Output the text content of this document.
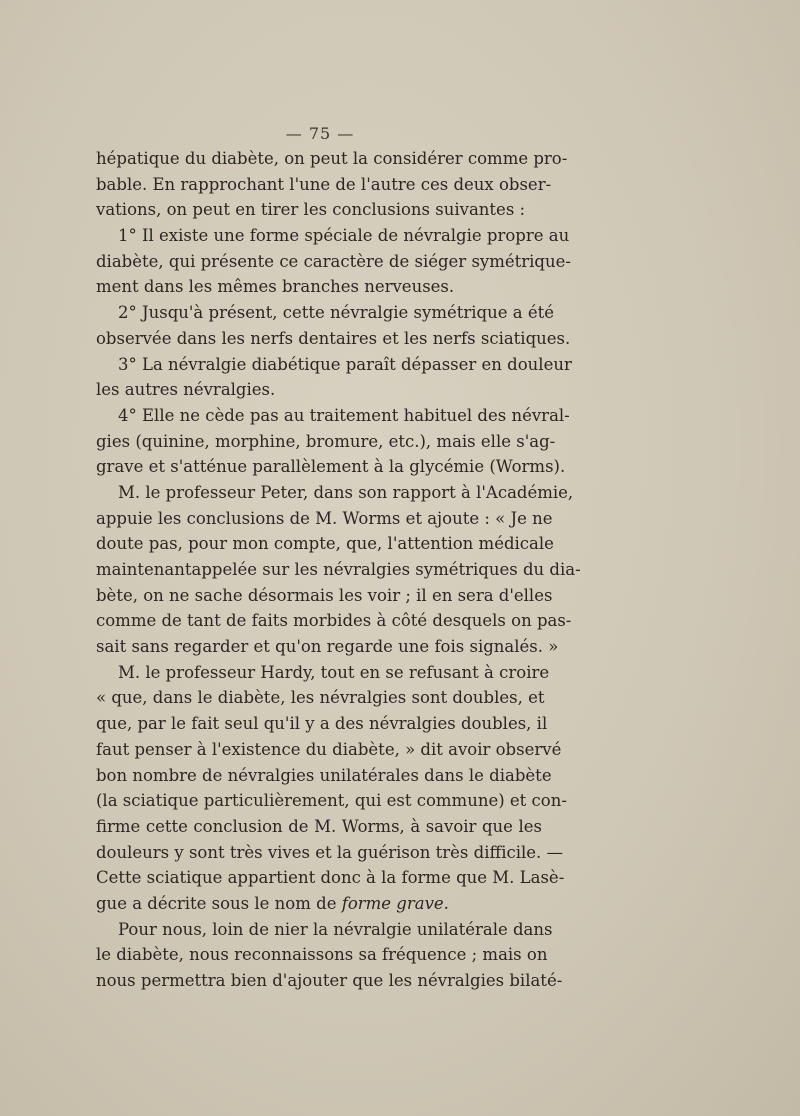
— 75 —
hépatique du diabète, on peut la considérer comme pro-
bable. En rapprochant l'une de l'autre ces deux obser-
vations, on peut en tirer les conclusions suivantes :
1° Il existe une forme spéciale de névralgie propre au
diabète, qui présente ce caractère de siéger symétrique-
ment dans les mêmes branches nerveuses.
2° Jusqu'à présent, cette névralgie symétrique a été
observée dans les nerfs dentaires et les nerfs sciatiques.
3° La névralgie diabétique paraît dépasser en douleur
les autres névralgies.
4° Elle ne cède pas au traitement habituel des névral-
gies (quinine, morphine, bromure, etc.), mais elle s'ag-
grave et s'atténue parallèlement à la glycémie (Worms).
M. le professeur Peter, dans son rapport à l'Académie,
appuie les conclusions de M. Worms et ajoute : « Je ne
doute pas, pour mon compte, que, l'attention médicale
maintenantappelée sur les névralgies symétriques du dia-
bète, on ne sache désormais les voir ; il en sera d'elles
comme de tant de faits morbides à côté desquels on pas-
sait sans regarder et qu'on regarde une fois signalés. »
M. le professeur Hardy, tout en se refusant à croire
« que, dans le diabète, les névralgies sont doubles, et
que, par le fait seul qu'il y a des névralgies doubles, il
faut penser à l'existence du diabète, » dit avoir observé
bon nombre de névralgies unilatérales dans le diabète
(la sciatique particulièrement, qui est commune) et con-
firme cette conclusion de M. Worms, à savoir que les
douleurs y sont très vives et la guérison très difficile. —
Cette sciatique appartient donc à la forme que M. Lasè-
gue a décrite sous le nom de forme grave.
Pour nous, loin de nier la névralgie unilatérale dans
le diabète, nous reconnaissons sa fréquence ; mais on
nous permettra bien d'ajouter que les névralgies bilaté-
